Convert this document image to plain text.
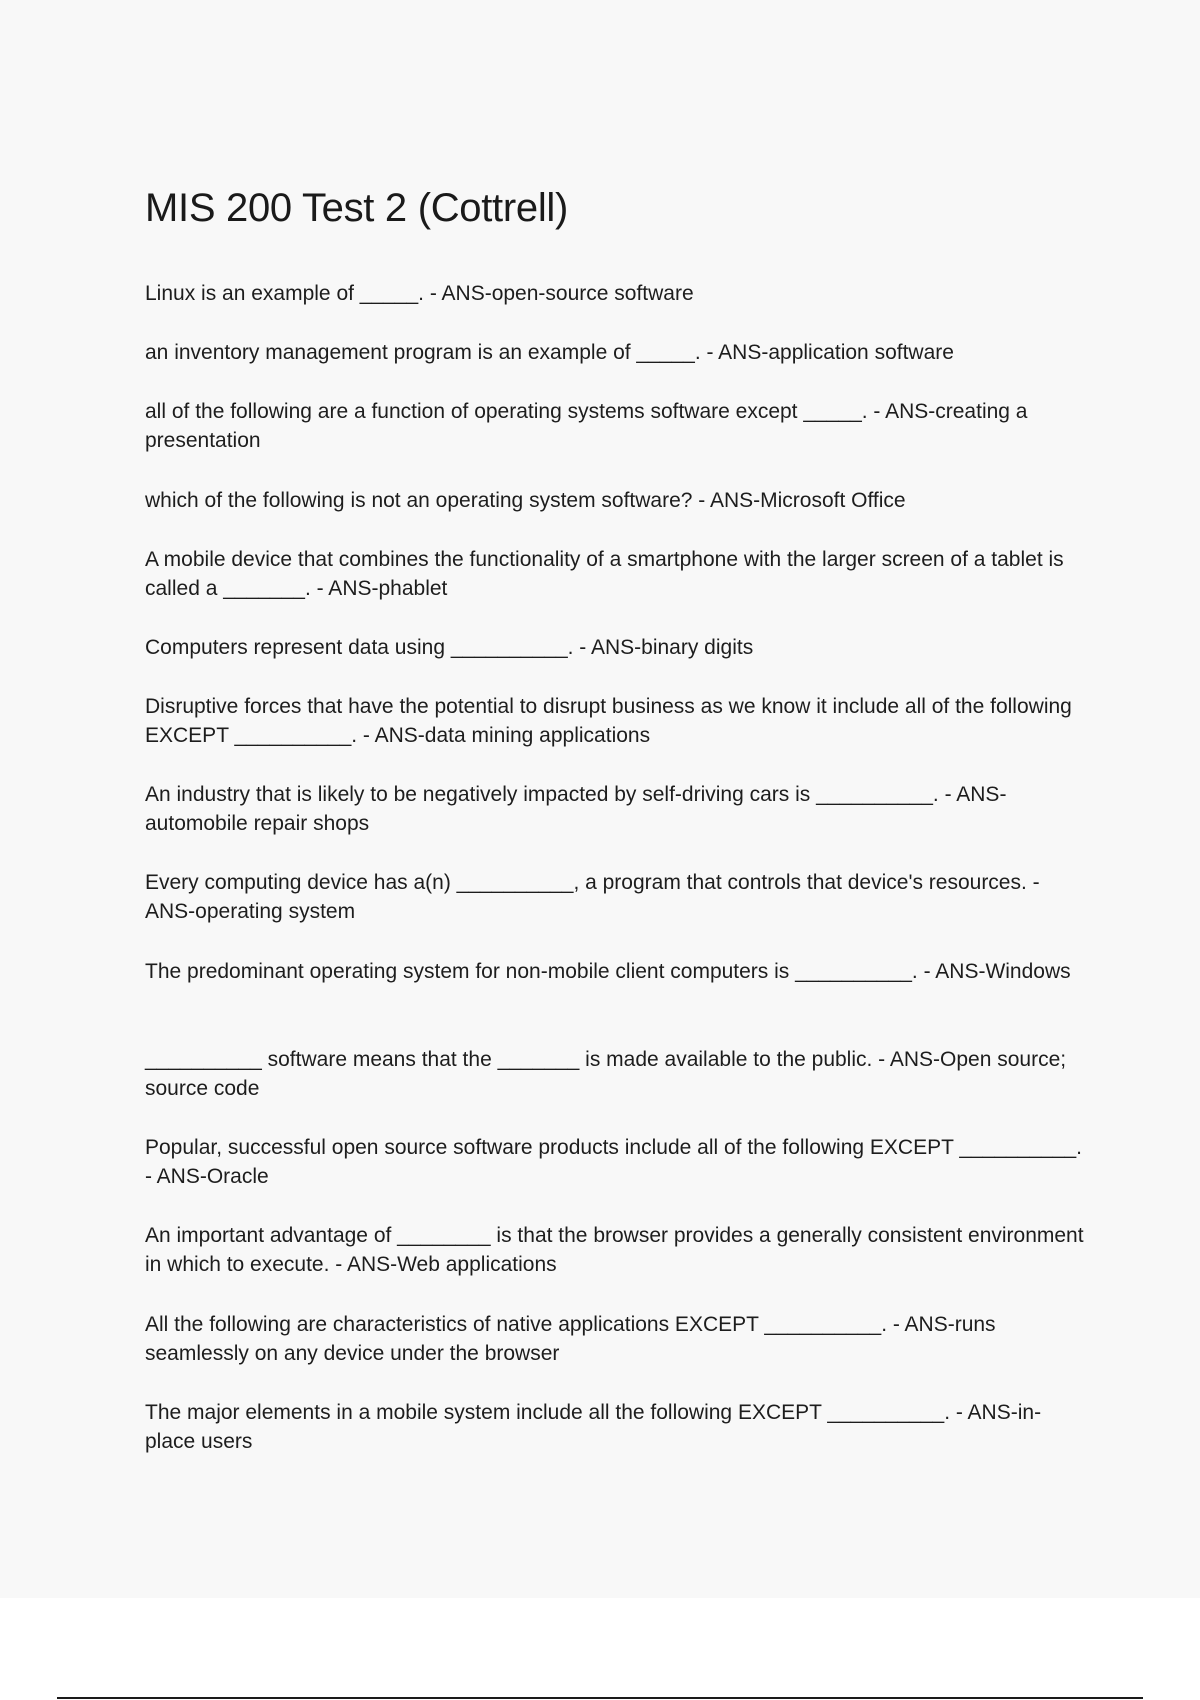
MIS 200 Test 2 (Cottrell)

Linux is an example of _____. - ANS-open-source software

an inventory management program is an example of _____. - ANS-application software

all of the following are a function of operating systems software except _____. - ANS-creating a presentation

which of the following is not an operating system software? - ANS-Microsoft Office

A mobile device that combines the functionality of a smartphone with the larger screen of a tablet is called a _______. - ANS-phablet

Computers represent data using __________. - ANS-binary digits

Disruptive forces that have the potential to disrupt business as we know it include all of the following EXCEPT __________. - ANS-data mining applications

An industry that is likely to be negatively impacted by self-driving cars is __________. - ANS-automobile repair shops

Every computing device has a(n) __________, a program that controls that device's resources. - ANS-operating system

The predominant operating system for non-mobile client computers is __________. - ANS-Windows

__________ software means that the _______ is made available to the public. - ANS-Open source; source code

Popular, successful open source software products include all of the following EXCEPT __________. - ANS-Oracle

An important advantage of ________ is that the browser provides a generally consistent environment in which to execute. - ANS-Web applications

All the following are characteristics of native applications EXCEPT __________. - ANS-runs seamlessly on any device under the browser

The major elements in a mobile system include all the following EXCEPT __________. - ANS-in-place users
